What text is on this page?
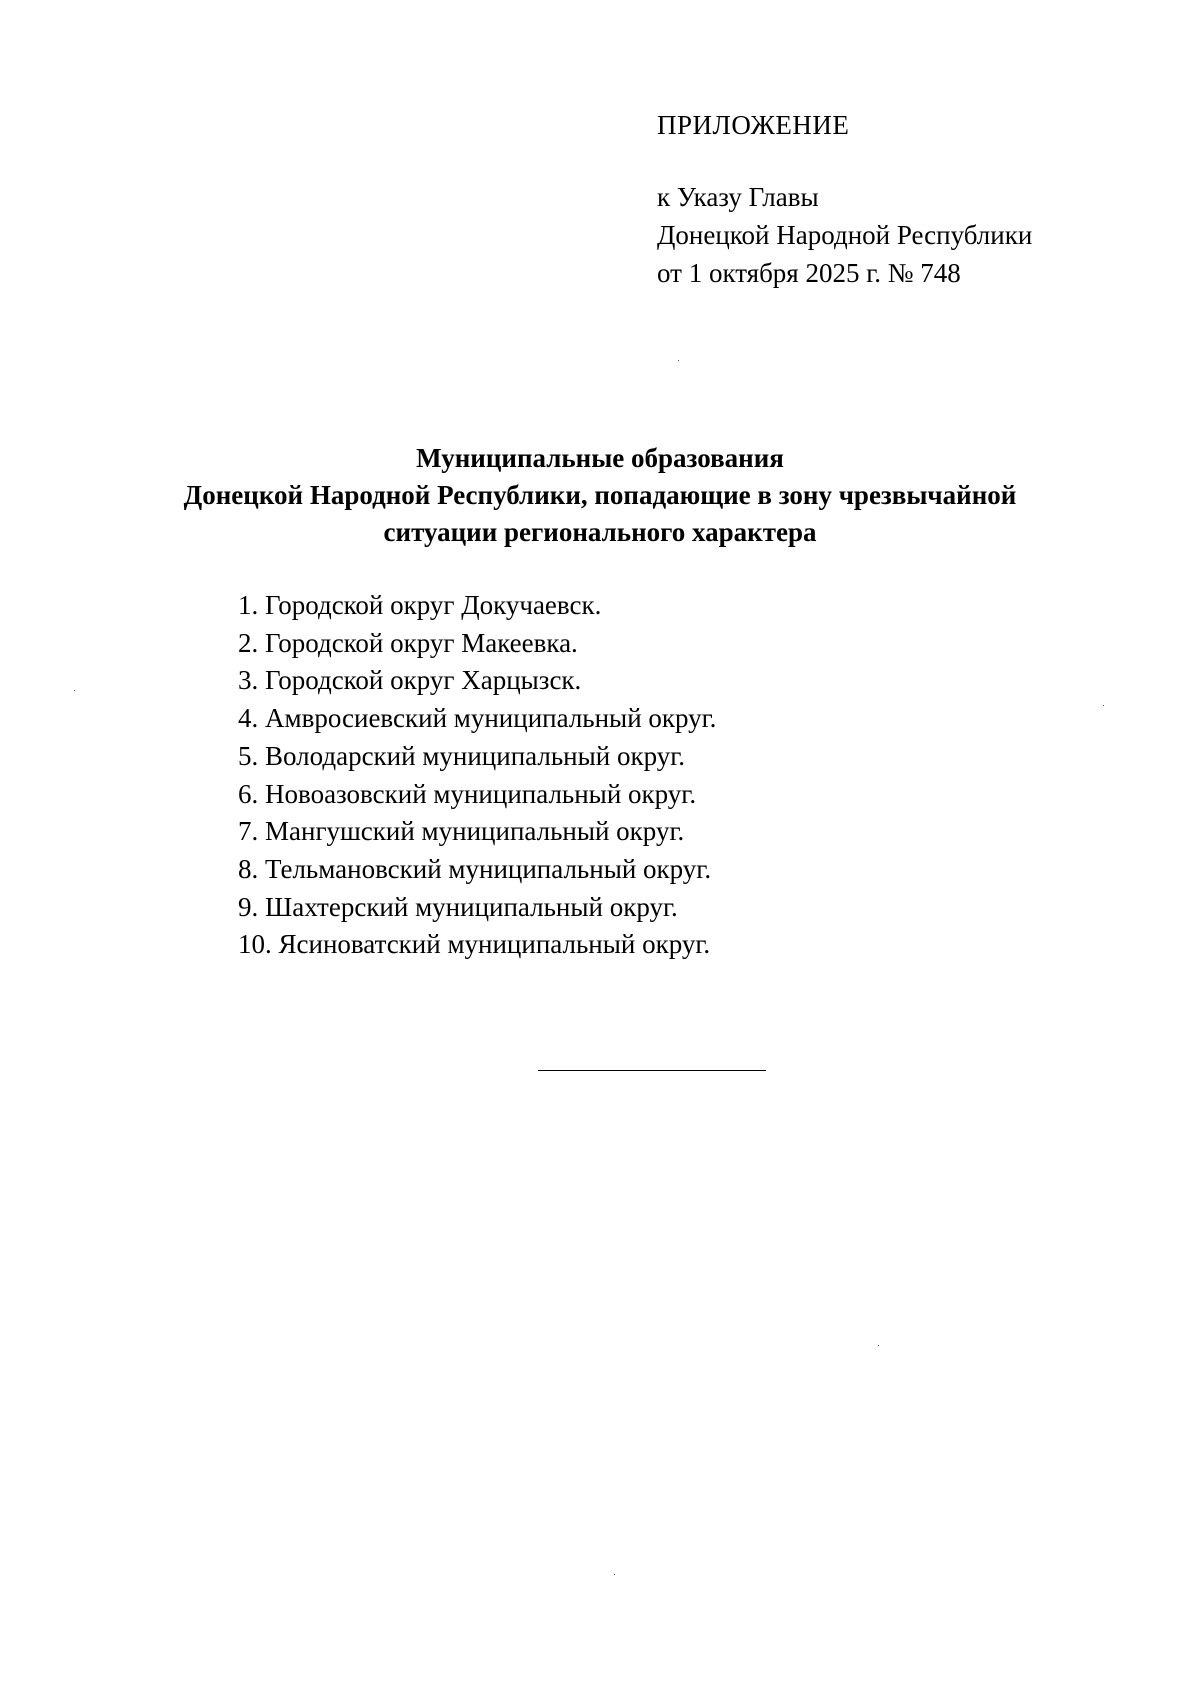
ПРИЛОЖЕНИЕ
к Указу Главы
Донецкой Народной Республики
от 1 октября 2025 г. № 748
Муниципальные образования
Донецкой Народной Республики, попадающие в зону чрезвычайной
ситуации регионального характера
1. Городской округ Докучаевск.
2. Городской округ Макеевка.
3. Городской округ Харцызск.
4. Амвросиевский муниципальный округ.
5. Володарский муниципальный округ.
6. Новоазовский муниципальный округ.
7. Мангушский муниципальный округ.
8. Тельмановский муниципальный округ.
9. Шахтерский муниципальный округ.
10. Ясиноватский муниципальный округ.
